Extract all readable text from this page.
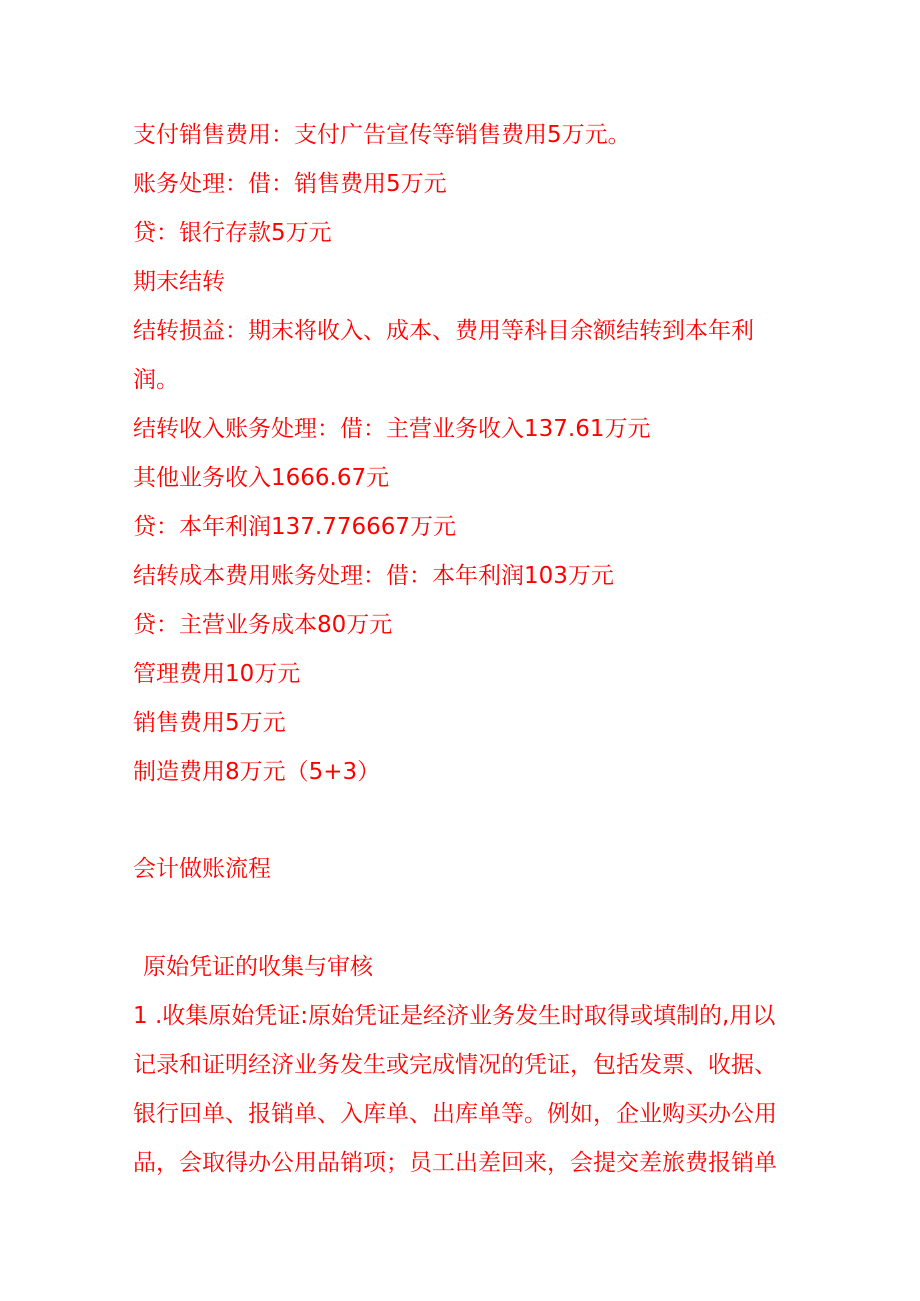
支付销售费用：支付广告宣传等销售费用5万元。
账务处理：借：销售费用5万元
贷：银行存款5万元
期末结转
结转损益：期末将收入、成本、费用等科目余额结转到本年利
润。
结转收入账务处理：借：主营业务收入137.61万元
其他业务收入1666.67元
贷：本年利润137.776667万元
结转成本费用账务处理：借：本年利润103万元
贷：主营业务成本80万元
管理费用10万元
销售费用5万元
制造费用8万元（5+3）
会计做账流程
原始凭证的收集与审核
1 .收集原始凭证:原始凭证是经济业务发生时取得或填制的,用以
记录和证明经济业务发生或完成情况的凭证，包括发票、收据、
银行回单、报销单、入库单、出库单等。例如，企业购买办公用
品，会取得办公用品销项；员工出差回来，会提交差旅费报销单
